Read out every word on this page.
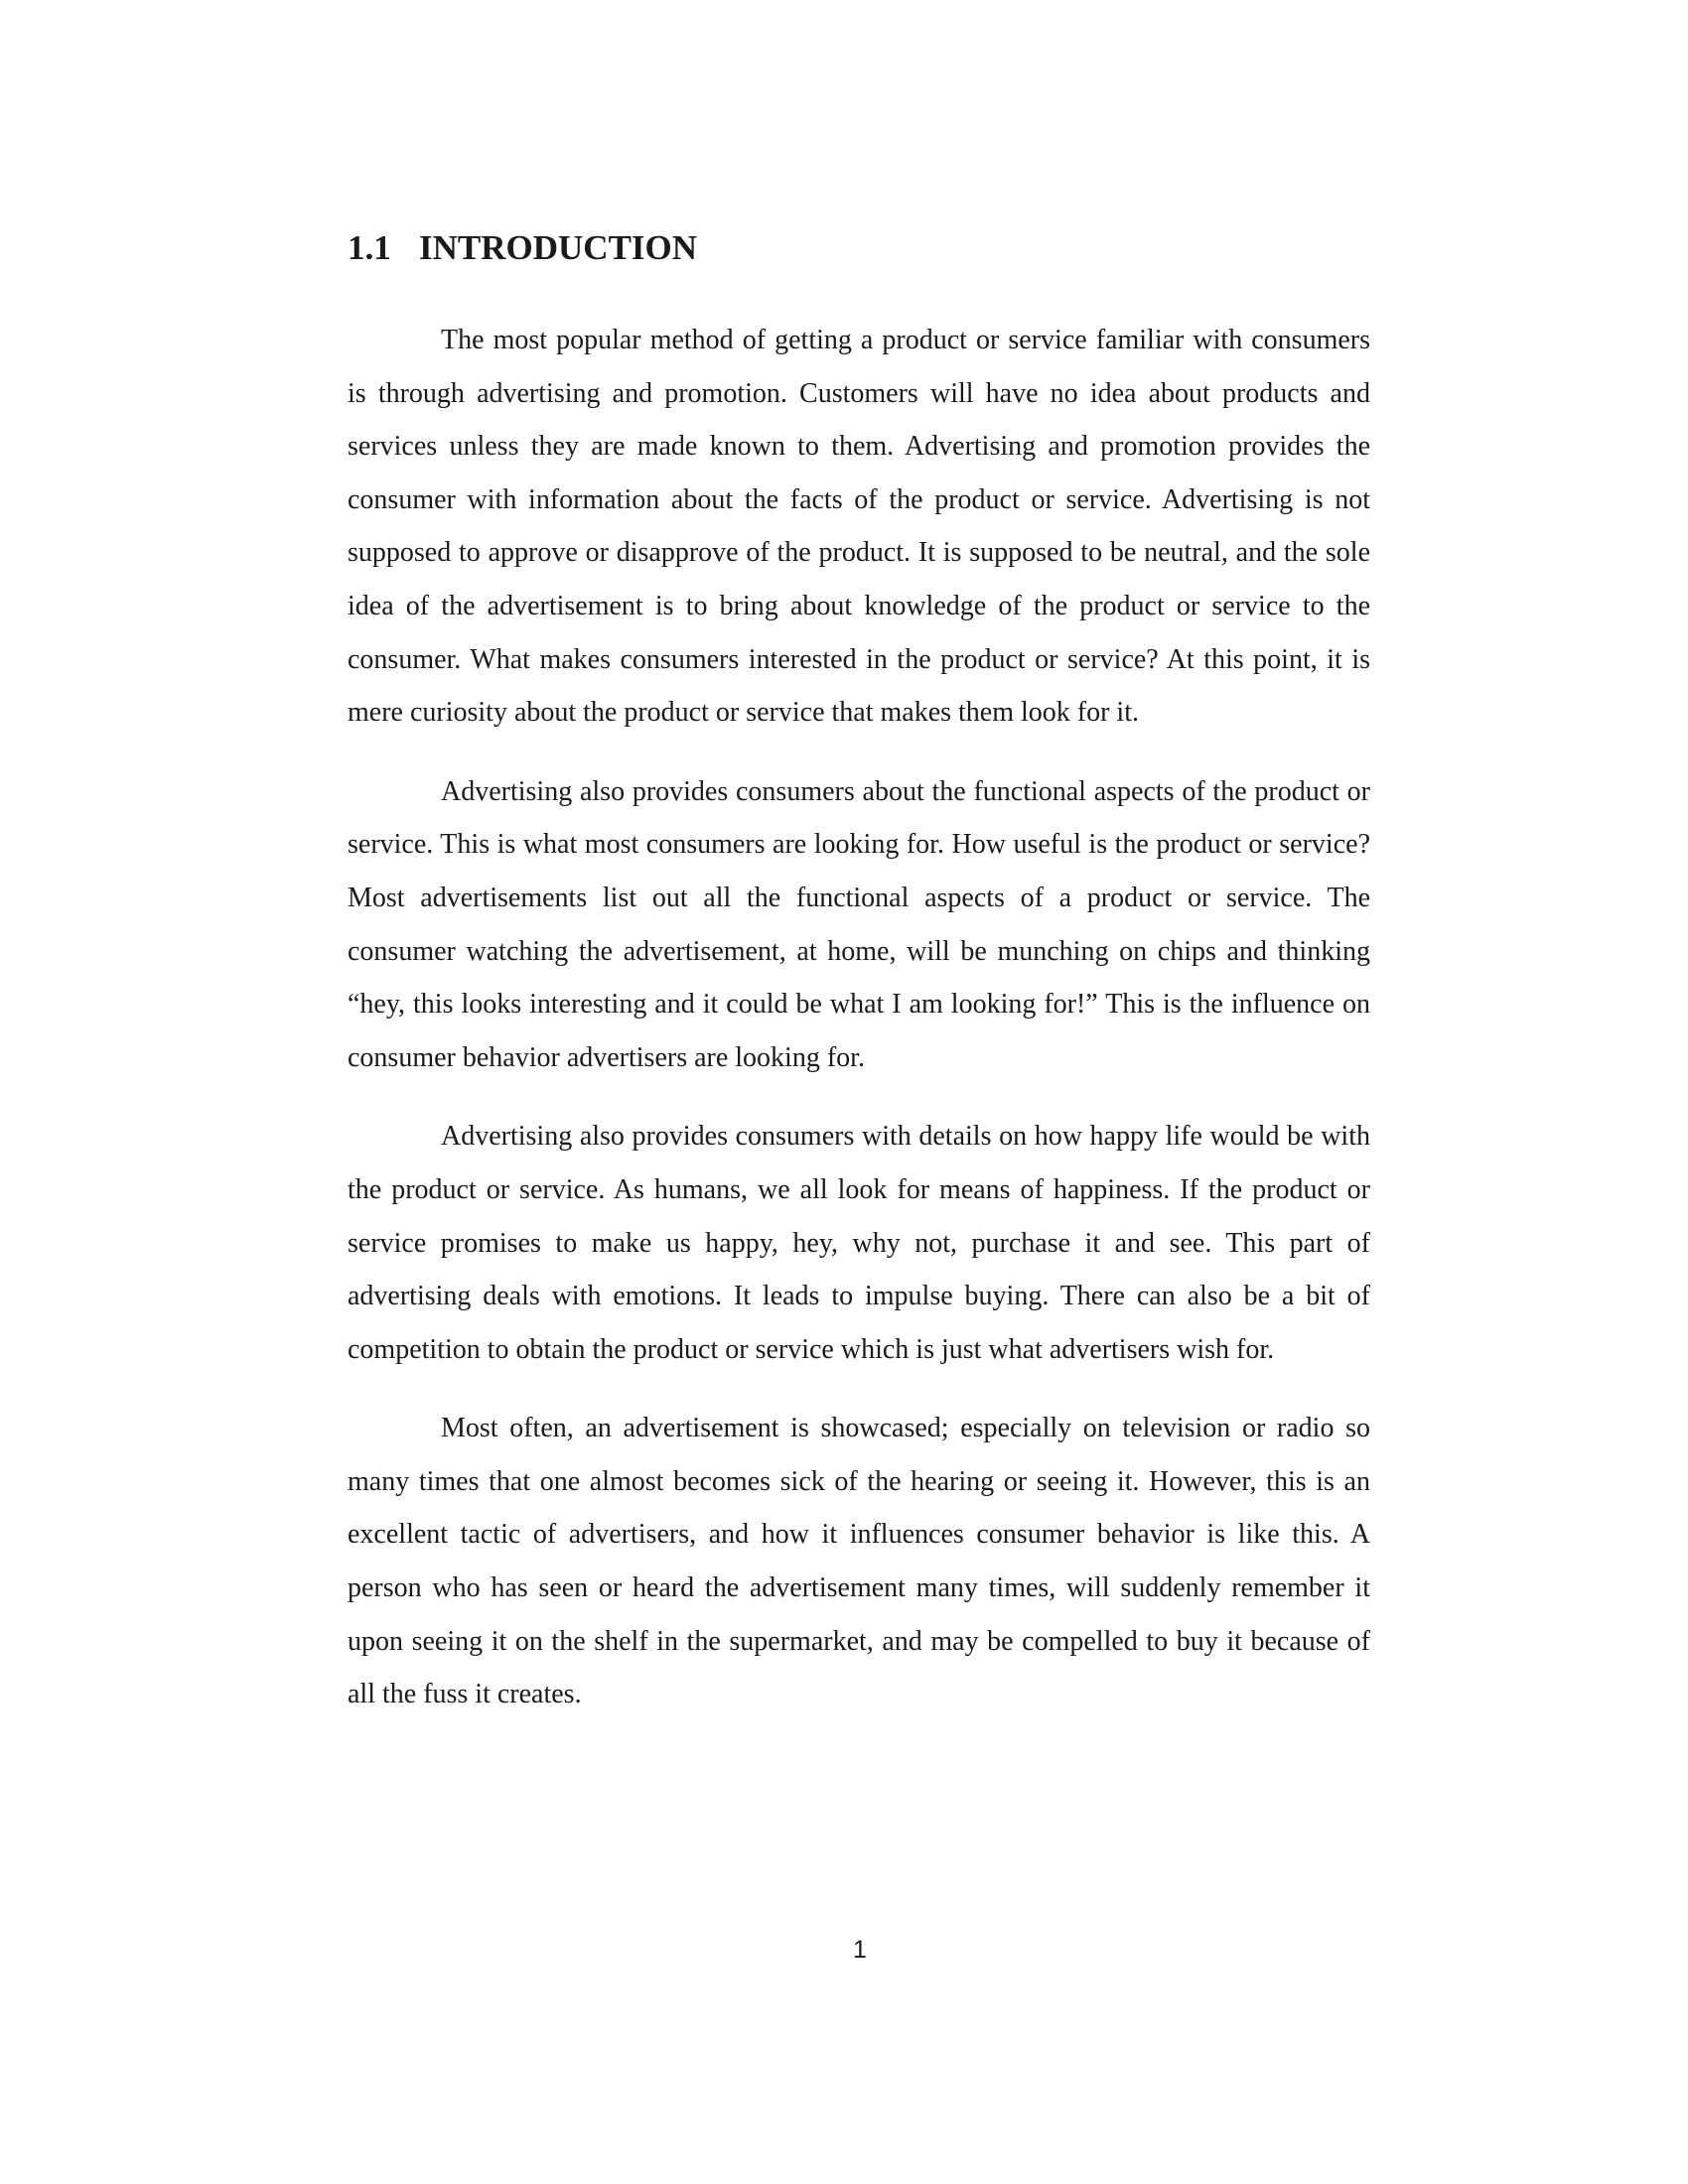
1.1 INTRODUCTION

The most popular method of getting a product or service familiar with consumers is through advertising and promotion. Customers will have no idea about products and services unless they are made known to them. Advertising and promotion provides the consumer with information about the facts of the product or service. Advertising is not supposed to approve or disapprove of the product. It is supposed to be neutral, and the sole idea of the advertisement is to bring about knowledge of the product or service to the consumer. What makes consumers interested in the product or service? At this point, it is mere curiosity about the product or service that makes them look for it.

Advertising also provides consumers about the functional aspects of the product or service. This is what most consumers are looking for. How useful is the product or service? Most advertisements list out all the functional aspects of a product or service. The consumer watching the advertisement, at home, will be munching on chips and thinking “hey, this looks interesting and it could be what I am looking for!” This is the influence on consumer behavior advertisers are looking for.

Advertising also provides consumers with details on how happy life would be with the product or service. As humans, we all look for means of happiness. If the product or service promises to make us happy, hey, why not, purchase it and see. This part of advertising deals with emotions. It leads to impulse buying. There can also be a bit of competition to obtain the product or service which is just what advertisers wish for.

Most often, an advertisement is showcased; especially on television or radio so many times that one almost becomes sick of the hearing or seeing it. However, this is an excellent tactic of advertisers, and how it influences consumer behavior is like this. A person who has seen or heard the advertisement many times, will suddenly remember it upon seeing it on the shelf in the supermarket, and may be compelled to buy it because of all the fuss it creates.

1
